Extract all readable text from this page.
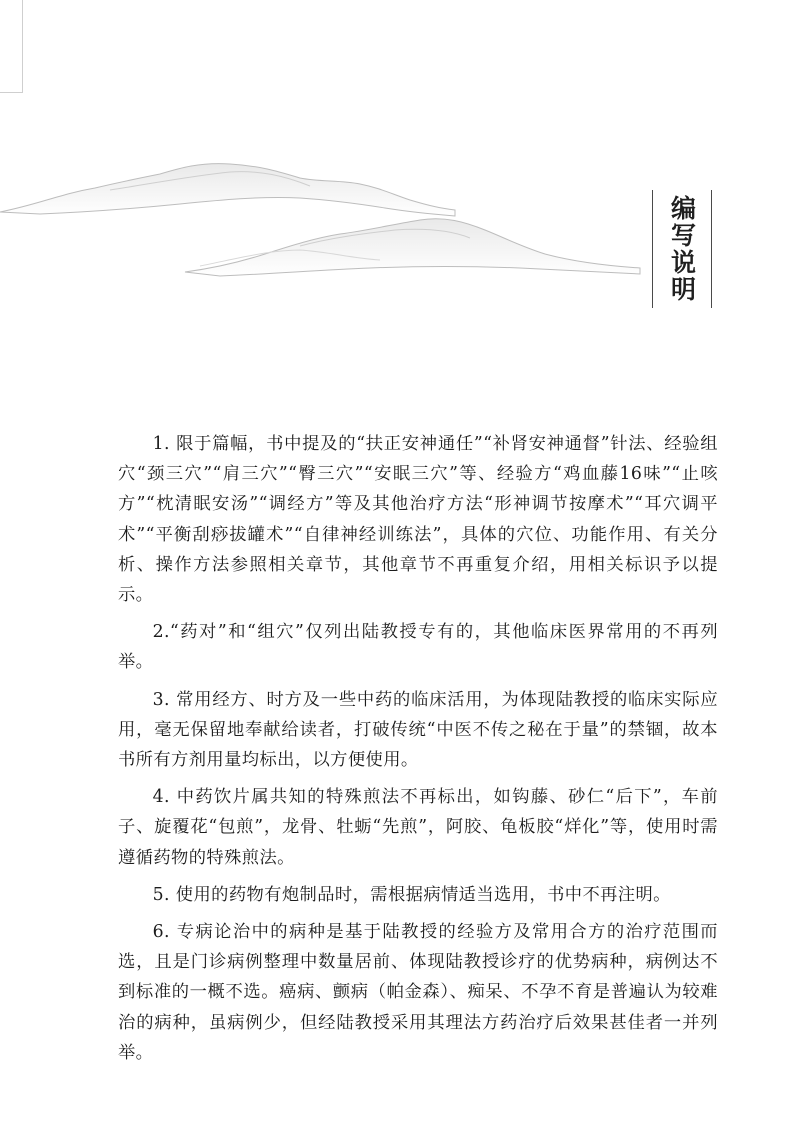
编写说明

1. 限于篇幅，书中提及的“扶正安神通任”“补肾安神通督”针法、经验组穴“颈三穴”“肩三穴”“臀三穴”“安眠三穴”等、经验方“鸡血藤16味”“止咳方”“枕清眠安汤”“调经方”等及其他治疗方法“形神调节按摩术”“耳穴调平术”“平衡刮痧拔罐术”“自律神经训练法”，具体的穴位、功能作用、有关分析、操作方法参照相关章节，其他章节不再重复介绍，用相关标识予以提示。

2.“药对”和“组穴”仅列出陆教授专有的，其他临床医界常用的不再列举。

3. 常用经方、时方及一些中药的临床活用，为体现陆教授的临床实际应用，毫无保留地奉献给读者，打破传统“中医不传之秘在于量”的禁锢，故本书所有方剂用量均标出，以方便使用。

4. 中药饮片属共知的特殊煎法不再标出，如钩藤、砂仁“后下”，车前子、旋覆花“包煎”，龙骨、牡蛎“先煎”，阿胶、龟板胶“烊化”等，使用时需遵循药物的特殊煎法。

5. 使用的药物有炮制品时，需根据病情适当选用，书中不再注明。

6. 专病论治中的病种是基于陆教授的经验方及常用合方的治疗范围而选，且是门诊病例整理中数量居前、体现陆教授诊疗的优势病种，病例达不到标准的一概不选。癌病、颤病（帕金森）、痴呆、不孕不育是普遍认为较难治的病种，虽病例少，但经陆教授采用其理法方药治疗后效果甚佳者一并列举。
